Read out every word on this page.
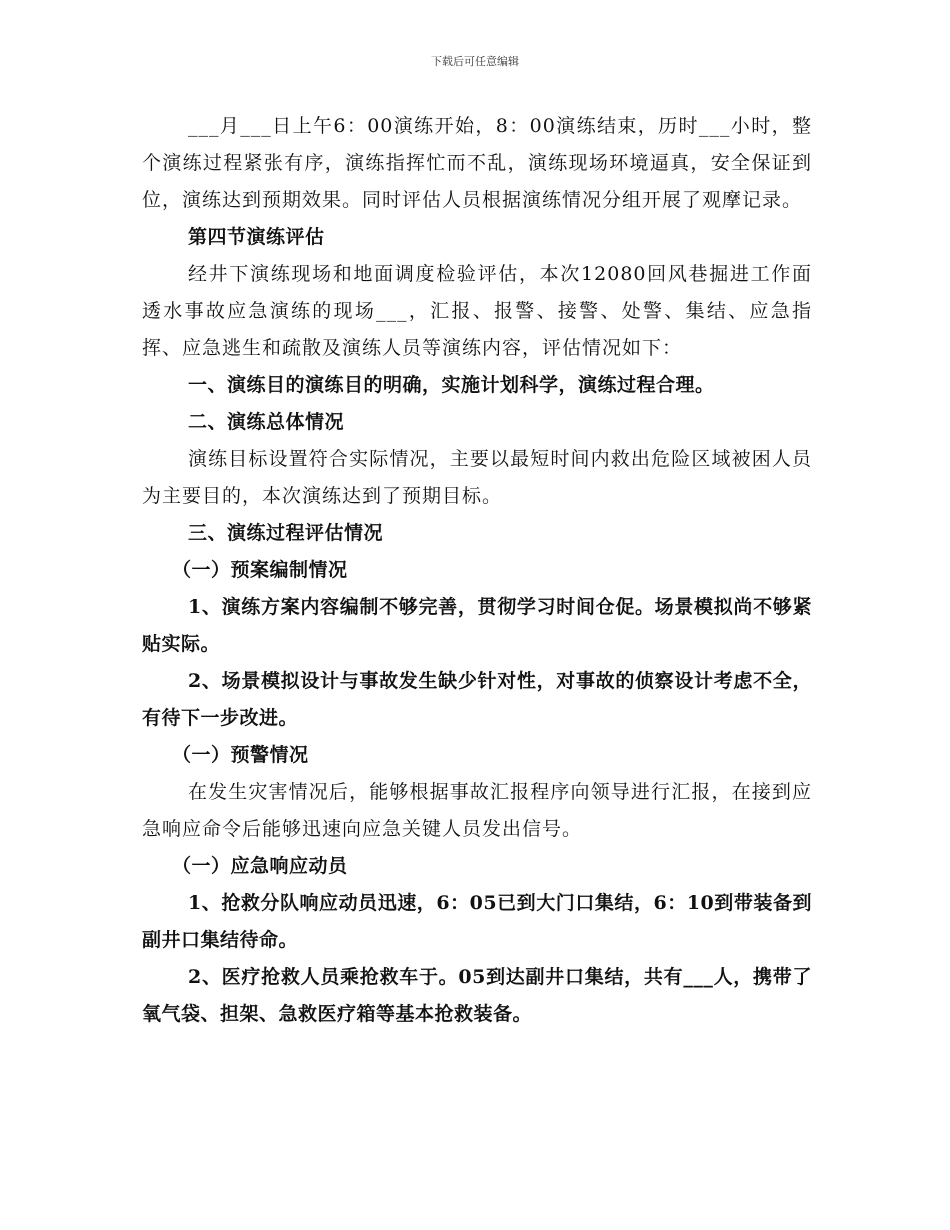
下载后可任意编辑

___月___日上午6：00演练开始，8：00演练结束，历时___小时，整个演练过程紧张有序，演练指挥忙而不乱，演练现场环境逼真，安全保证到位，演练达到预期效果。同时评估人员根据演练情况分组开展了观摩记录。

第四节演练评估

经井下演练现场和地面调度检验评估，本次12080回风巷掘进工作面透水事故应急演练的现场___，汇报、报警、接警、处警、集结、应急指挥、应急逃生和疏散及演练人员等演练内容，评估情况如下：

一、演练目的演练目的明确，实施计划科学，演练过程合理。

二、演练总体情况

演练目标设置符合实际情况，主要以最短时间内救出危险区域被困人员为主要目的，本次演练达到了预期目标。

三、演练过程评估情况

（一）预案编制情况

1、演练方案内容编制不够完善，贯彻学习时间仓促。场景模拟尚不够紧贴实际。

2、场景模拟设计与事故发生缺少针对性，对事故的侦察设计考虑不全，有待下一步改进。

（一）预警情况

在发生灾害情况后，能够根据事故汇报程序向领导进行汇报，在接到应急响应命令后能够迅速向应急关键人员发出信号。

（一）应急响应动员

1、抢救分队响应动员迅速，6：05已到大门口集结，6：10到带装备到副井口集结待命。

2、医疗抢救人员乘抢救车于。05到达副井口集结，共有___人，携带了氧气袋、担架、急救医疗箱等基本抢救装备。
